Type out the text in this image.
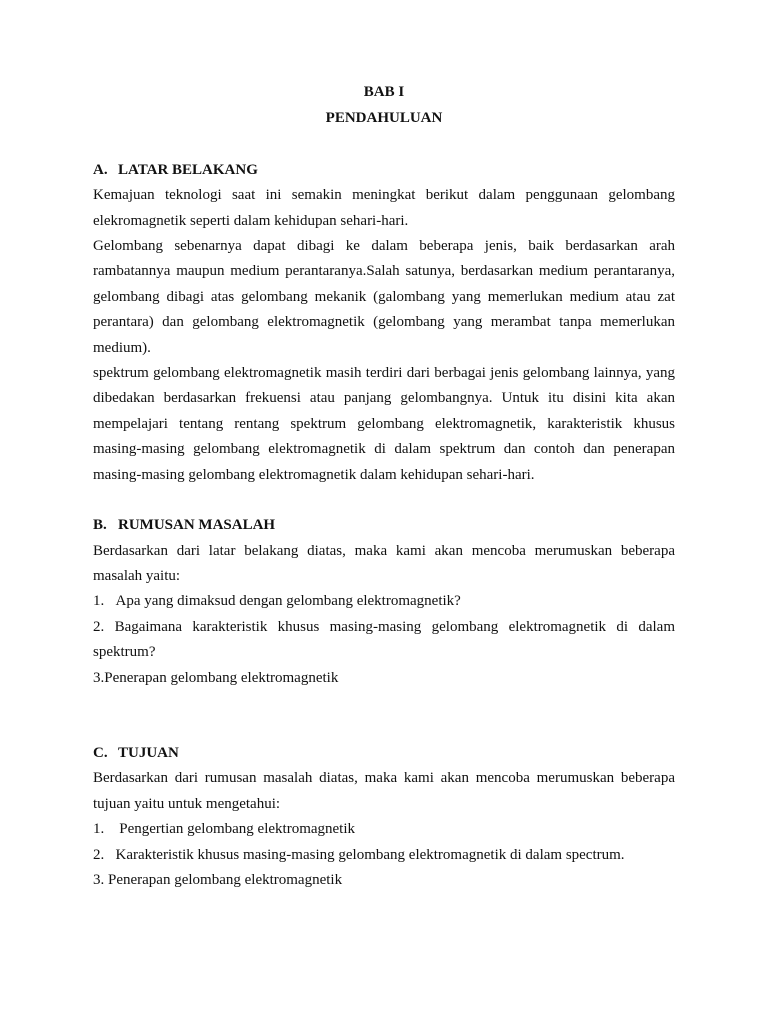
BAB I
PENDAHULUAN
A. LATAR BELAKANG

Kemajuan teknologi saat ini semakin meningkat berikut dalam penggunaan gelombang elekromagnetik seperti dalam kehidupan sehari-hari.

Gelombang sebenarnya dapat dibagi ke dalam beberapa jenis, baik berdasarkan arah rambatannya maupun medium perantaranya.Salah satunya, berdasarkan medium perantaranya, gelombang dibagi atas gelombang mekanik (galombang yang memerlukan medium atau zat perantara) dan gelombang elektromagnetik (gelombang yang merambat tanpa memerlukan medium).

spektrum gelombang elektromagnetik masih terdiri dari berbagai jenis gelombang lainnya, yang dibedakan berdasarkan frekuensi atau panjang gelombangnya. Untuk itu disini kita akan mempelajari tentang rentang spektrum gelombang elektromagnetik, karakteristik khusus masing-masing gelombang elektromagnetik di dalam spektrum dan contoh dan penerapan masing-masing gelombang elektromagnetik dalam kehidupan sehari-hari.

B. RUMUSAN MASALAH

Berdasarkan dari latar belakang diatas, maka kami akan mencoba merumuskan beberapa masalah yaitu:

1.   Apa yang dimaksud dengan gelombang elektromagnetik?

2. Bagaimana karakteristik khusus masing-masing gelombang elektromagnetik di dalam spektrum?

3.Penerapan gelombang elektromagnetik

C. TUJUAN

Berdasarkan dari rumusan masalah diatas, maka kami akan mencoba merumuskan beberapa tujuan yaitu untuk mengetahui:

1.    Pengertian gelombang elektromagnetik

2.   Karakteristik khusus masing-masing gelombang elektromagnetik di dalam spectrum.

3. Penerapan gelombang elektromagnetik
